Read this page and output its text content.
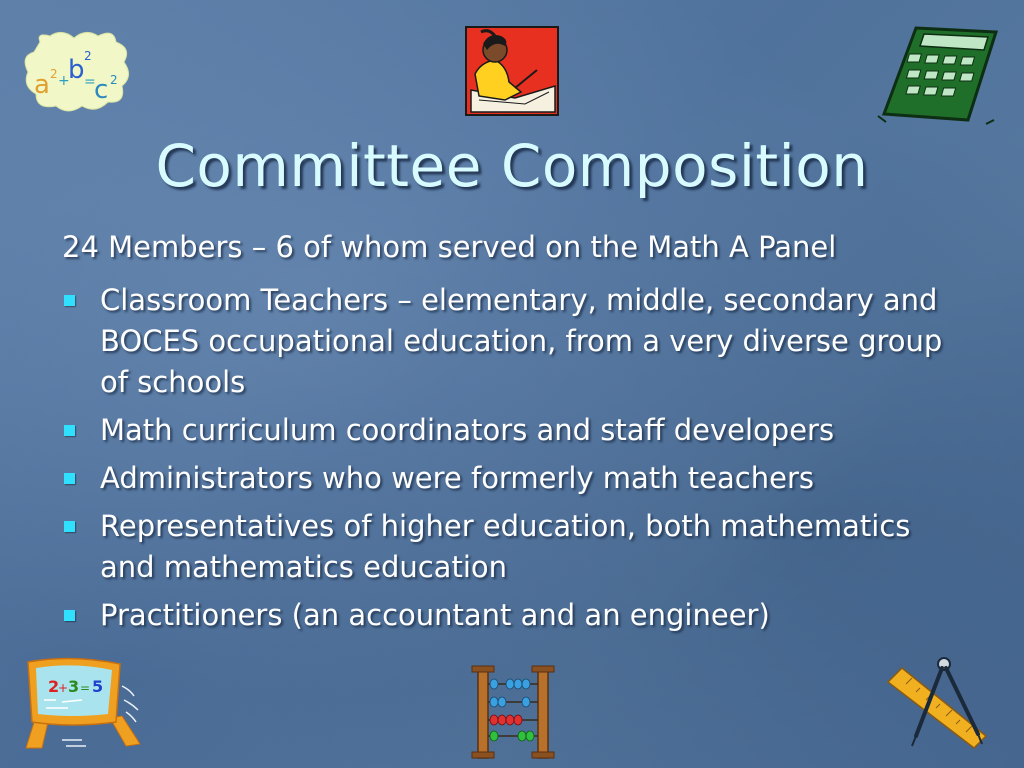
a 2 +
b 2
=
c 2
Committee Composition
24 Members – 6 of whom served on the Math A Panel
Classroom Teachers – elementary, middle, secondary and BOCES occupational education, from a very diverse group of schools
Math curriculum coordinators and staff developers
Administrators who were formerly math teachers
Representatives of higher education, both mathematics and mathematics education
Practitioners (an accountant and an engineer)
2
+ 3 = 5
